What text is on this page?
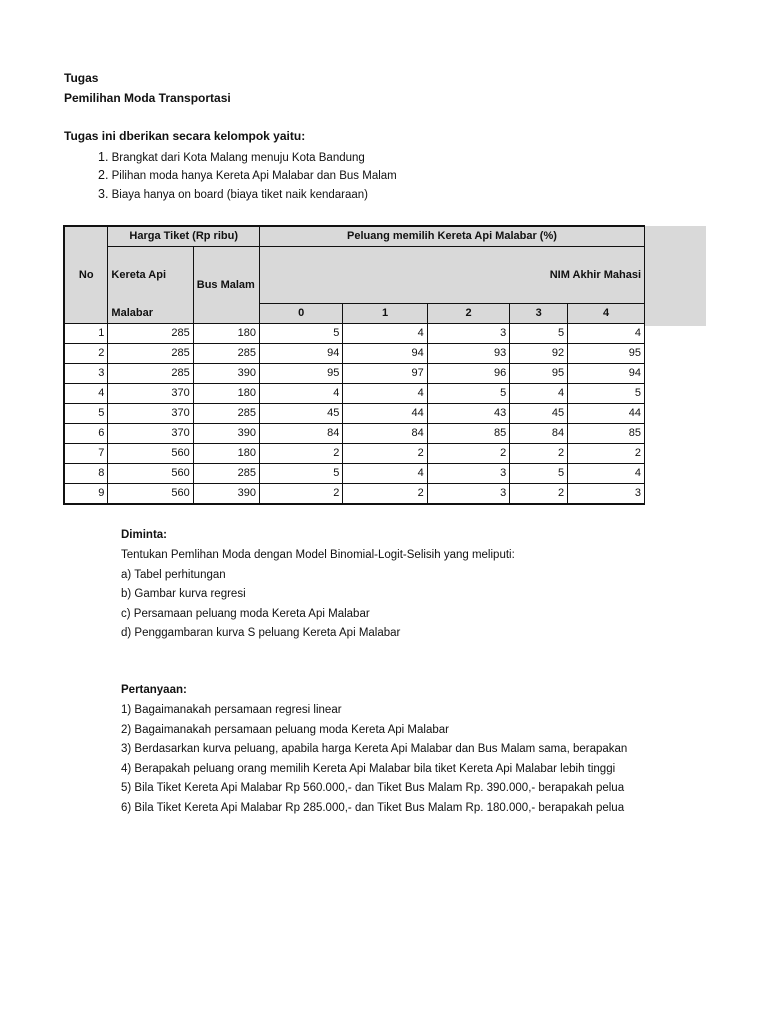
Tugas
Pemilihan Moda Transportasi
Tugas ini dberikan secara kelompok yaitu:
1. Brangkat dari Kota Malang menuju Kota Bandung
2. Pilihan moda hanya Kereta Api Malabar dan Bus Malam
3. Biaya hanya on board (biaya tiket naik kendaraan)
No	Harga Tiket (Rp ribu)		Peluang memilih Kereta Api Malabar (%)				
	Kereta Api	Bus Malam	NIM Akhir Mahasi				
	Malabar		0	1	2	3	4
1	285	180	5	4	3	5	4
2	285	285	94	94	93	92	95
3	285	390	95	97	96	95	94
4	370	180	4	4	5	4	5
5	370	285	45	44	43	45	44
6	370	390	84	84	85	84	85
7	560	180	2	2	2	2	2
8	560	285	5	4	3	5	4
9	560	390	2	2	3	2	3
Diminta:
Tentukan Pemlihan Moda dengan Model Binomial-Logit-Selisih yang meliputi:
a) Tabel perhitungan
b) Gambar kurva regresi
c) Persamaan peluang moda Kereta Api Malabar
d) Penggambaran kurva S peluang Kereta Api Malabar
Pertanyaan:
1) Bagaimanakah persamaan regresi linear
2) Bagaimanakah persamaan peluang moda Kereta Api Malabar
3) Berdasarkan kurva peluang, apabila harga Kereta Api Malabar dan Bus Malam sama, berapakan
4) Berapakah peluang orang memilih Kereta Api Malabar bila tiket Kereta Api Malabar lebih tinggi
5) Bila Tiket Kereta Api Malabar Rp 560.000,- dan Tiket Bus Malam Rp. 390.000,- berapakah pelua
6) Bila Tiket Kereta Api Malabar Rp 285.000,- dan Tiket Bus Malam Rp. 180.000,- berapakah pelua
